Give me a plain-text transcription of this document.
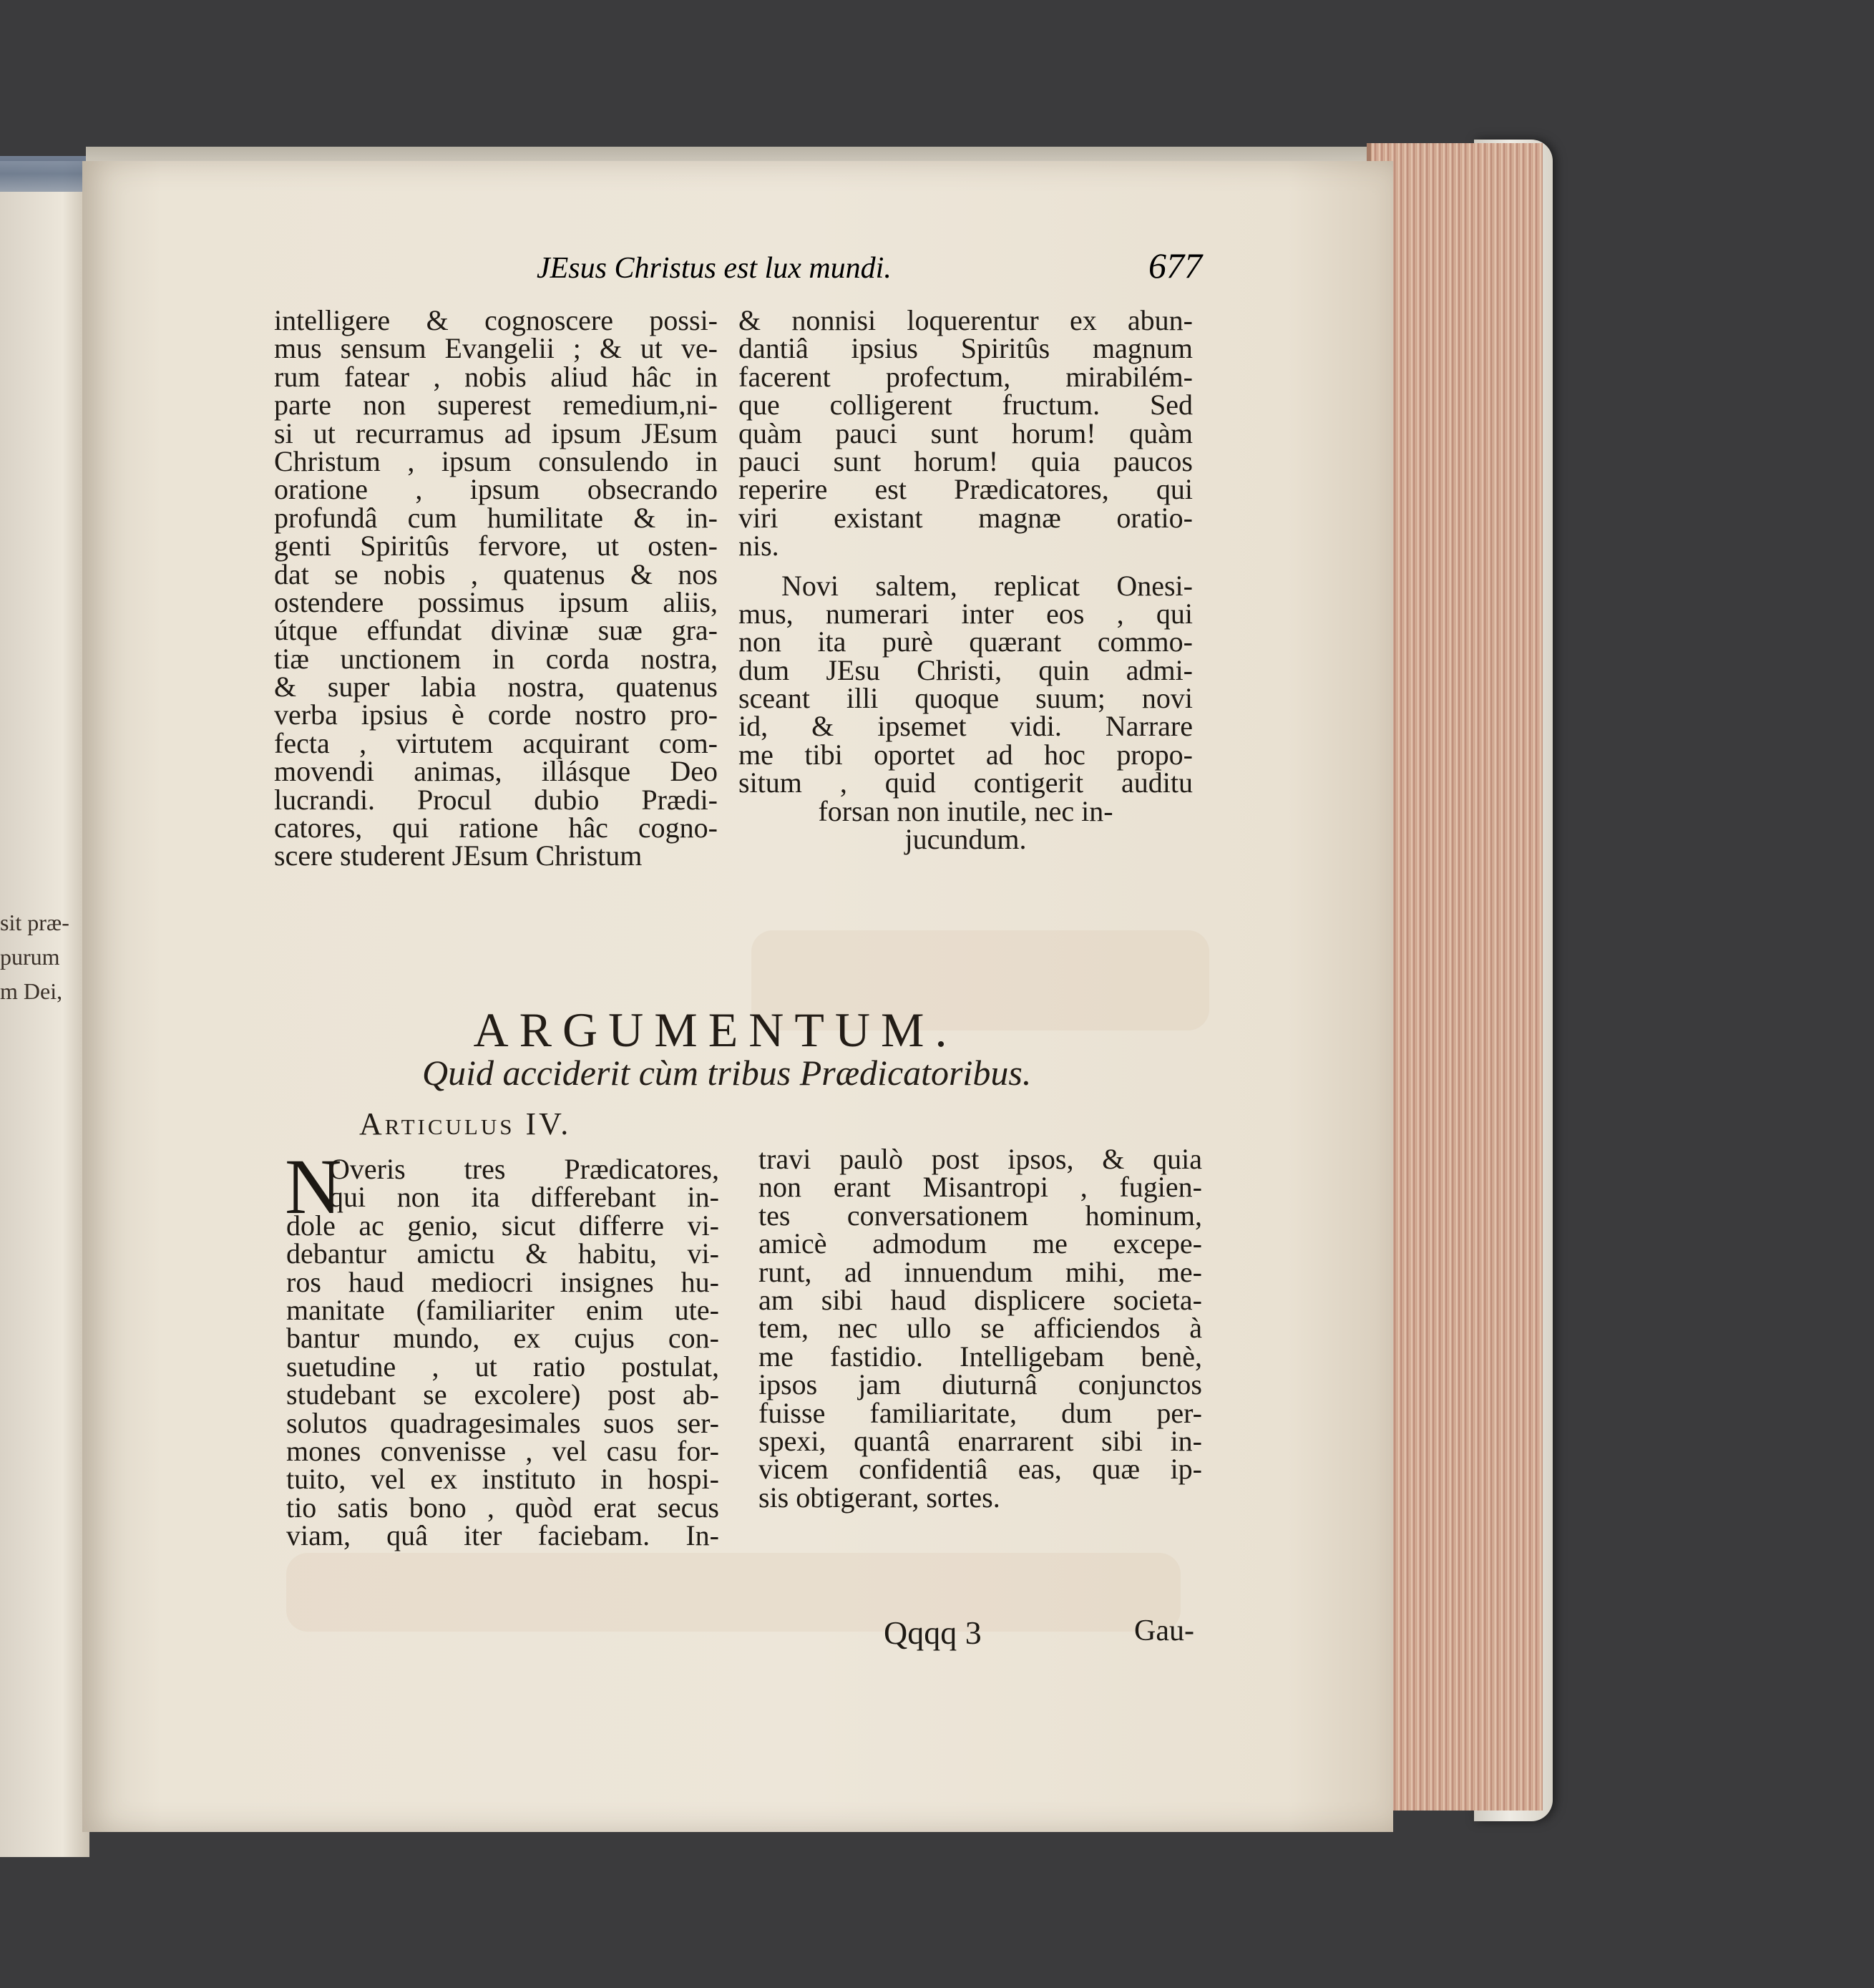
sit præ-
purum
m Dei,
JEsus Christus est lux mundi.	677
intelligere & cognoscere possi-
mus sensum Evangelii ; & ut ve-
rum fatear , nobis aliud hâc in
parte non superest remedium,ni-
si ut recurramus ad ipsum JEsum
Christum , ipsum consulendo in
oratione , ipsum obsecrando
profundâ cum humilitate & in-
genti Spiritûs fervore, ut osten-
dat se nobis , quatenus & nos
ostendere possimus ipsum aliis,
útque effundat divinæ suæ gra-
tiæ unctionem in corda nostra,
& super labia nostra, quatenus
verba ipsius è corde nostro pro-
fecta , virtutem acquirant com-
movendi animas, illásque Deo
lucrandi. Procul dubio Prædi-
catores, qui ratione hâc cogno-
scere studerent JEsum Christum
& nonnisi loquerentur ex abun-
dantiâ ipsius Spiritûs magnum
facerent profectum, mirabilém-
que colligerent fructum. Sed
quàm pauci sunt horum! quàm
pauci sunt horum! quia paucos
reperire est Prædicatores, qui
viri existant magnæ oratio-
nis.
Novi saltem, replicat Onesi-
mus, numerari inter eos , qui
non ita purè quærant commo-
dum JEsu Christi, quin admi-
sceant illi quoque suum; novi
id, & ipsemet vidi. Narrare
me tibi oportet ad hoc propo-
situm , quid contigerit auditu
forsan non inutile, nec in-
jucundum.
ARGUMENTUM.
Quid acciderit cùm tribus Prædicatoribus.
Articulus IV.
N
Overis tres Prædicatores,
qui non ita differebant in-
dole ac genio, sicut differre vi-
debantur amictu & habitu, vi-
ros haud mediocri insignes hu-
manitate (familiariter enim ute-
bantur mundo, ex cujus con-
suetudine , ut ratio postulat,
studebant se excolere) post ab-
solutos quadragesimales suos ser-
mones convenisse , vel casu for-
tuito, vel ex instituto in hospi-
tio satis bono , quòd erat secus
viam, quâ iter faciebam. In-
travi paulò post ipsos, & quia
non erant Misantropi , fugien-
tes conversationem hominum,
amicè admodum me excepe-
runt, ad innuendum mihi, me-
am sibi haud displicere societa-
tem, nec ullo se afficiendos à
me fastidio. Intelligebam benè,
ipsos jam diuturnâ conjunctos
fuisse familiaritate, dum per-
spexi, quantâ enarrarent sibi in-
vicem confidentiâ eas, quæ ip-
sis obtigerant, sortes.
Qqqq 3	Gau-
